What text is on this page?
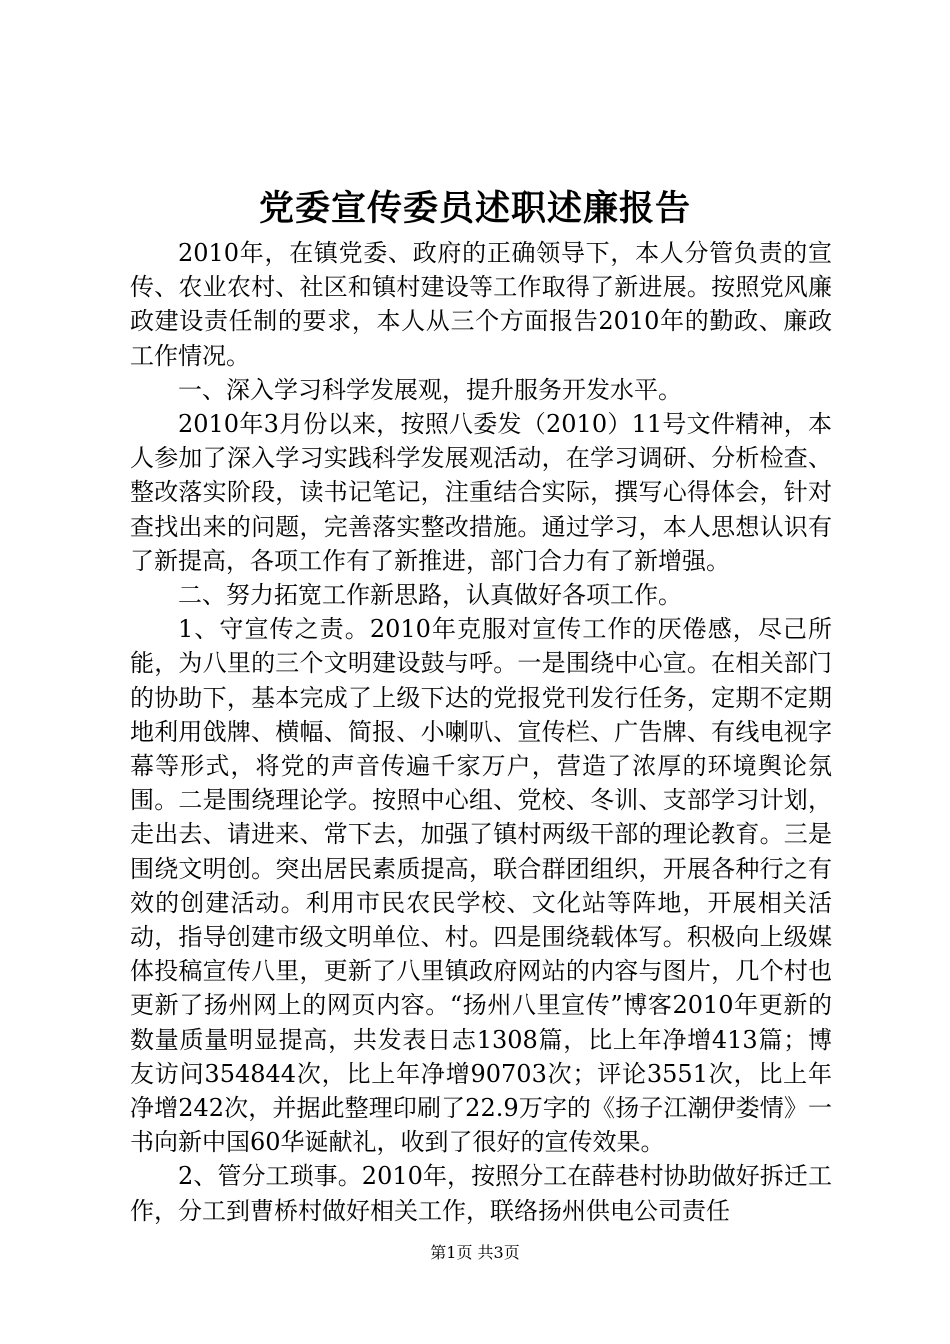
党委宣传委员述职述廉报告

2010年，在镇党委、政府的正确领导下，本人分管负责的宣传、农业农村、社区和镇村建设等工作取得了新进展。按照党风廉政建设责任制的要求，本人从三个方面报告2010年的勤政、廉政工作情况。

一、深入学习科学发展观，提升服务开发水平。

2010年3月份以来，按照八委发（2010）11号文件精神，本人参加了深入学习实践科学发展观活动，在学习调研、分析检查、整改落实阶段，读书记笔记，注重结合实际，撰写心得体会，针对查找出来的问题，完善落实整改措施。通过学习，本人思想认识有了新提高，各项工作有了新推进，部门合力有了新增强。

二、努力拓宽工作新思路，认真做好各项工作。

1、守宣传之责。2010年克服对宣传工作的厌倦感，尽己所能，为八里的三个文明建设鼓与呼。一是围绕中心宣。在相关部门的协助下，基本完成了上级下达的党报党刊发行任务，定期不定期地利用戗牌、横幅、简报、小喇叭、宣传栏、广告牌、有线电视字幕等形式，将党的声音传遍千家万户，营造了浓厚的环境舆论氛围。二是围绕理论学。按照中心组、党校、冬训、支部学习计划，走出去、请进来、常下去，加强了镇村两级干部的理论教育。三是围绕文明创。突出居民素质提高，联合群团组织，开展各种行之有效的创建活动。利用市民农民学校、文化站等阵地，开展相关活动，指导创建市级文明单位、村。四是围绕载体写。积极向上级媒体投稿宣传八里，更新了八里镇政府网站的内容与图片，几个村也更新了扬州网上的网页内容。“扬州八里宣传”博客2010年更新的数量质量明显提高，共发表日志1308篇，比上年净增413篇；博友访问354844次，比上年净增90703次；评论3551次，比上年净增242次，并据此整理印刷了22.9万字的《扬子江潮伊娄情》一书向新中国60华诞献礼，收到了很好的宣传效果。

2、管分工琐事。2010年，按照分工在薛巷村协助做好拆迁工作，分工到曹桥村做好相关工作，联络扬州供电公司责任

第1页 共3页
